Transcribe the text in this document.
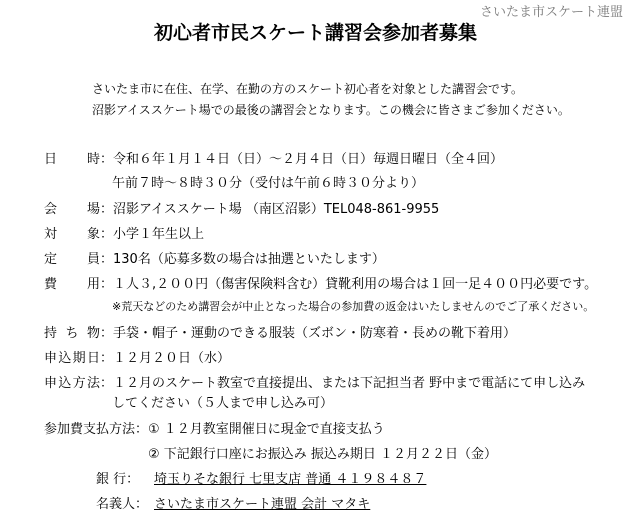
さいたま市スケート連盟
初心者市民スケート講習会参加者募集
さいたま市に在住、在学、在勤の方のスケート初心者を対象とした講習会です。
沼影アイススケート場での最後の講習会となります。この機会に皆さまご参加ください。
日 時：令和６年１月１４日（日）～２月４日（日）毎週日曜日（全４回）
午前７時～８時３０分（受付は午前６時３０分より）
会 場：沼影アイススケート場 （南区沼影）TEL048-861-9955
対 象：小学１年生以上
定 員：130名（応募多数の場合は抽選といたします）
費 用：１人３,２００円（傷害保険料含む）貸靴利用の場合は１回一足４００円必要です。
※荒天などのため講習会が中止となった場合の参加費の返金はいたしませんのでご了承ください。
持 ち 物：手袋・帽子・運動のできる服装（ズボン・防寒着・長めの靴下着用）
申込期日：１２月２０日（水）
申込方法：１２月のスケート教室で直接提出、または下記担当者 野中まで電話にて申し込み
してください（５人まで申し込み可）
参加費支払方法：① １２月教室開催日に現金で直接支払う
② 下記銀行口座にお振込み 振込み期日 １２月２２日（金）
銀 行： 埼玉りそな銀行 七里支店 普通 ４１９８４８７
名義人： さいたま市スケート連盟 会計 マタキ
